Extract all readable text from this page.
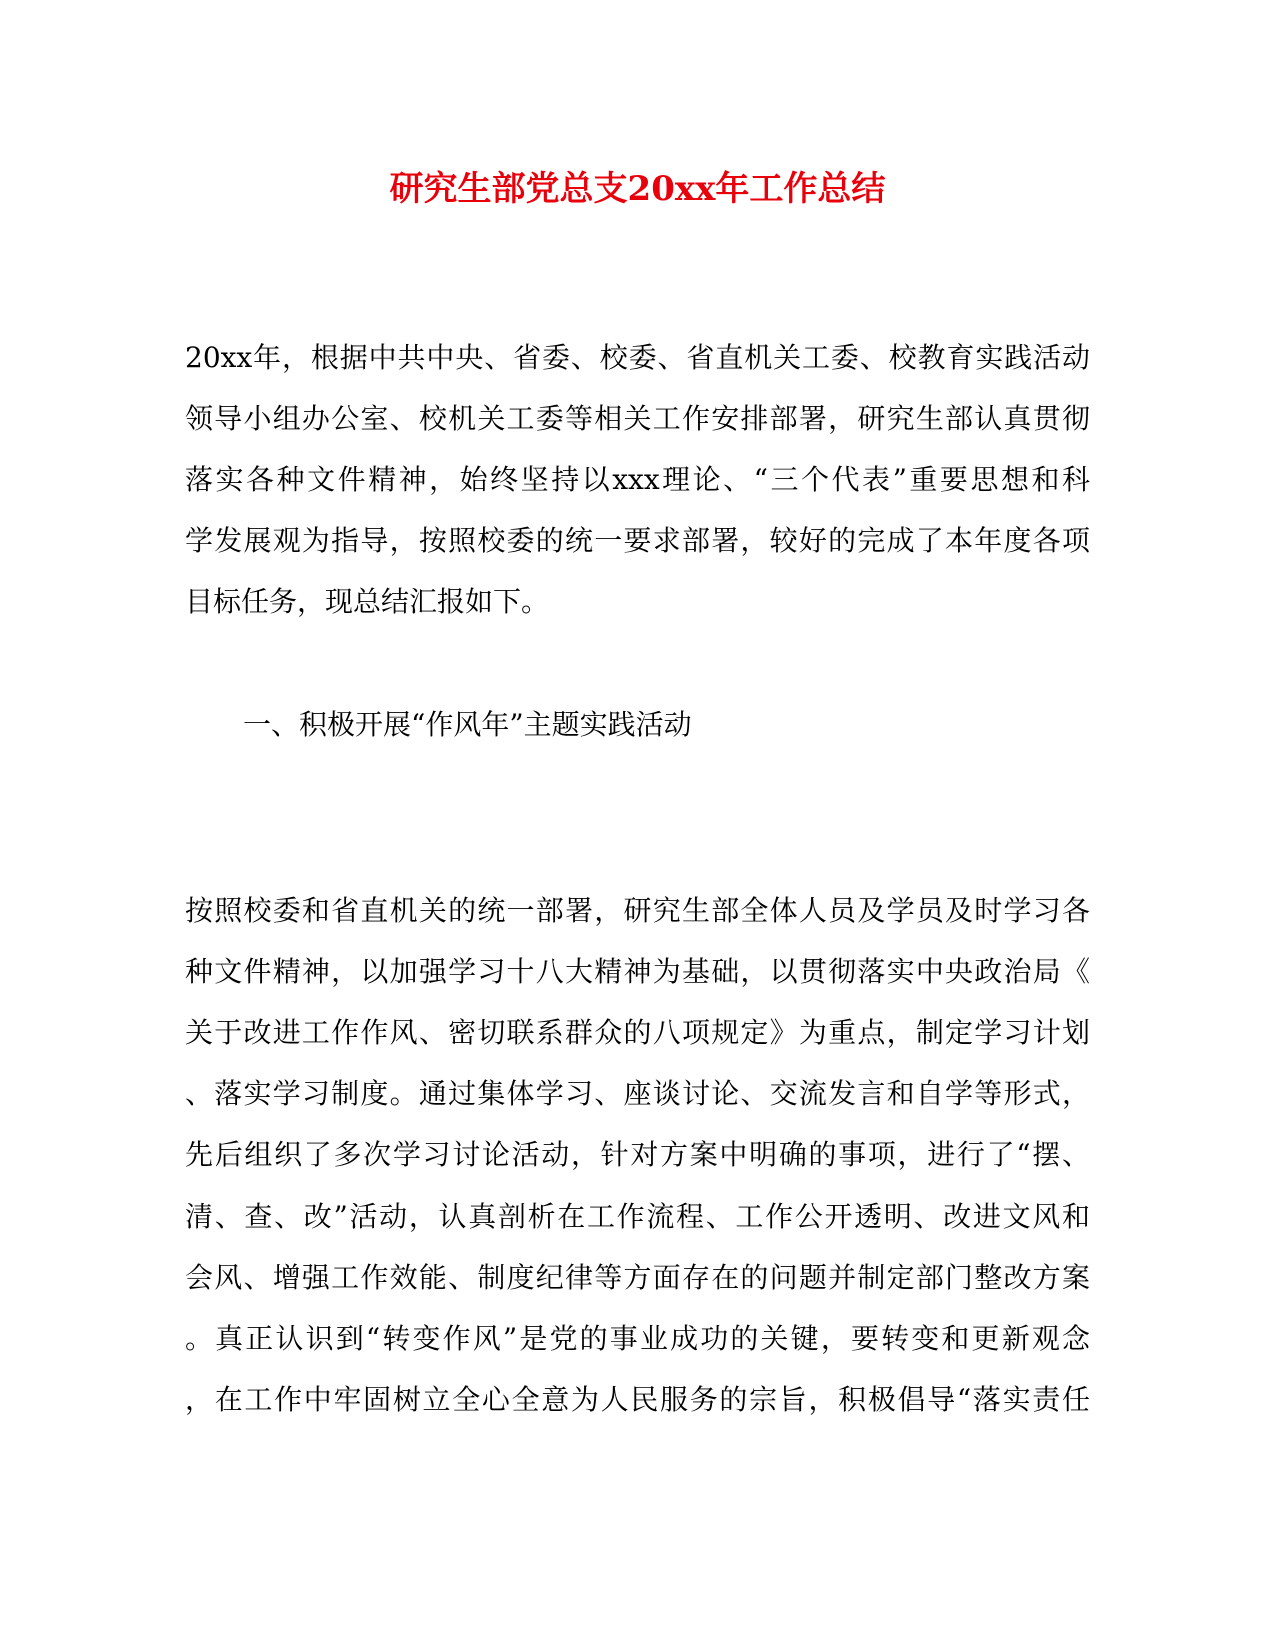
研究生部党总支20xx年工作总结
20xx年，根据中共中央、省委、校委、省直机关工委、校教育实践活动
领导小组办公室、校机关工委等相关工作安排部署，研究生部认真贯彻
落实各种文件精神，始终坚持以xxx理论、“三个代表”重要思想和科
学发展观为指导，按照校委的统一要求部署，较好的完成了本年度各项
目标任务，现总结汇报如下。
一、积极开展“作风年”主题实践活动
按照校委和省直机关的统一部署，研究生部全体人员及学员及时学习各
种文件精神，以加强学习十八大精神为基础，以贯彻落实中央政治局《
关于改进工作作风、密切联系群众的八项规定》为重点，制定学习计划
、落实学习制度。通过集体学习、座谈讨论、交流发言和自学等形式，
先后组织了多次学习讨论活动，针对方案中明确的事项，进行了“摆、
清、查、改”活动，认真剖析在工作流程、工作公开透明、改进文风和
会风、增强工作效能、制度纪律等方面存在的问题并制定部门整改方案
。真正认识到“转变作风”是党的事业成功的关键，要转变和更新观念
，在工作中牢固树立全心全意为人民服务的宗旨，积极倡导“落实责任
